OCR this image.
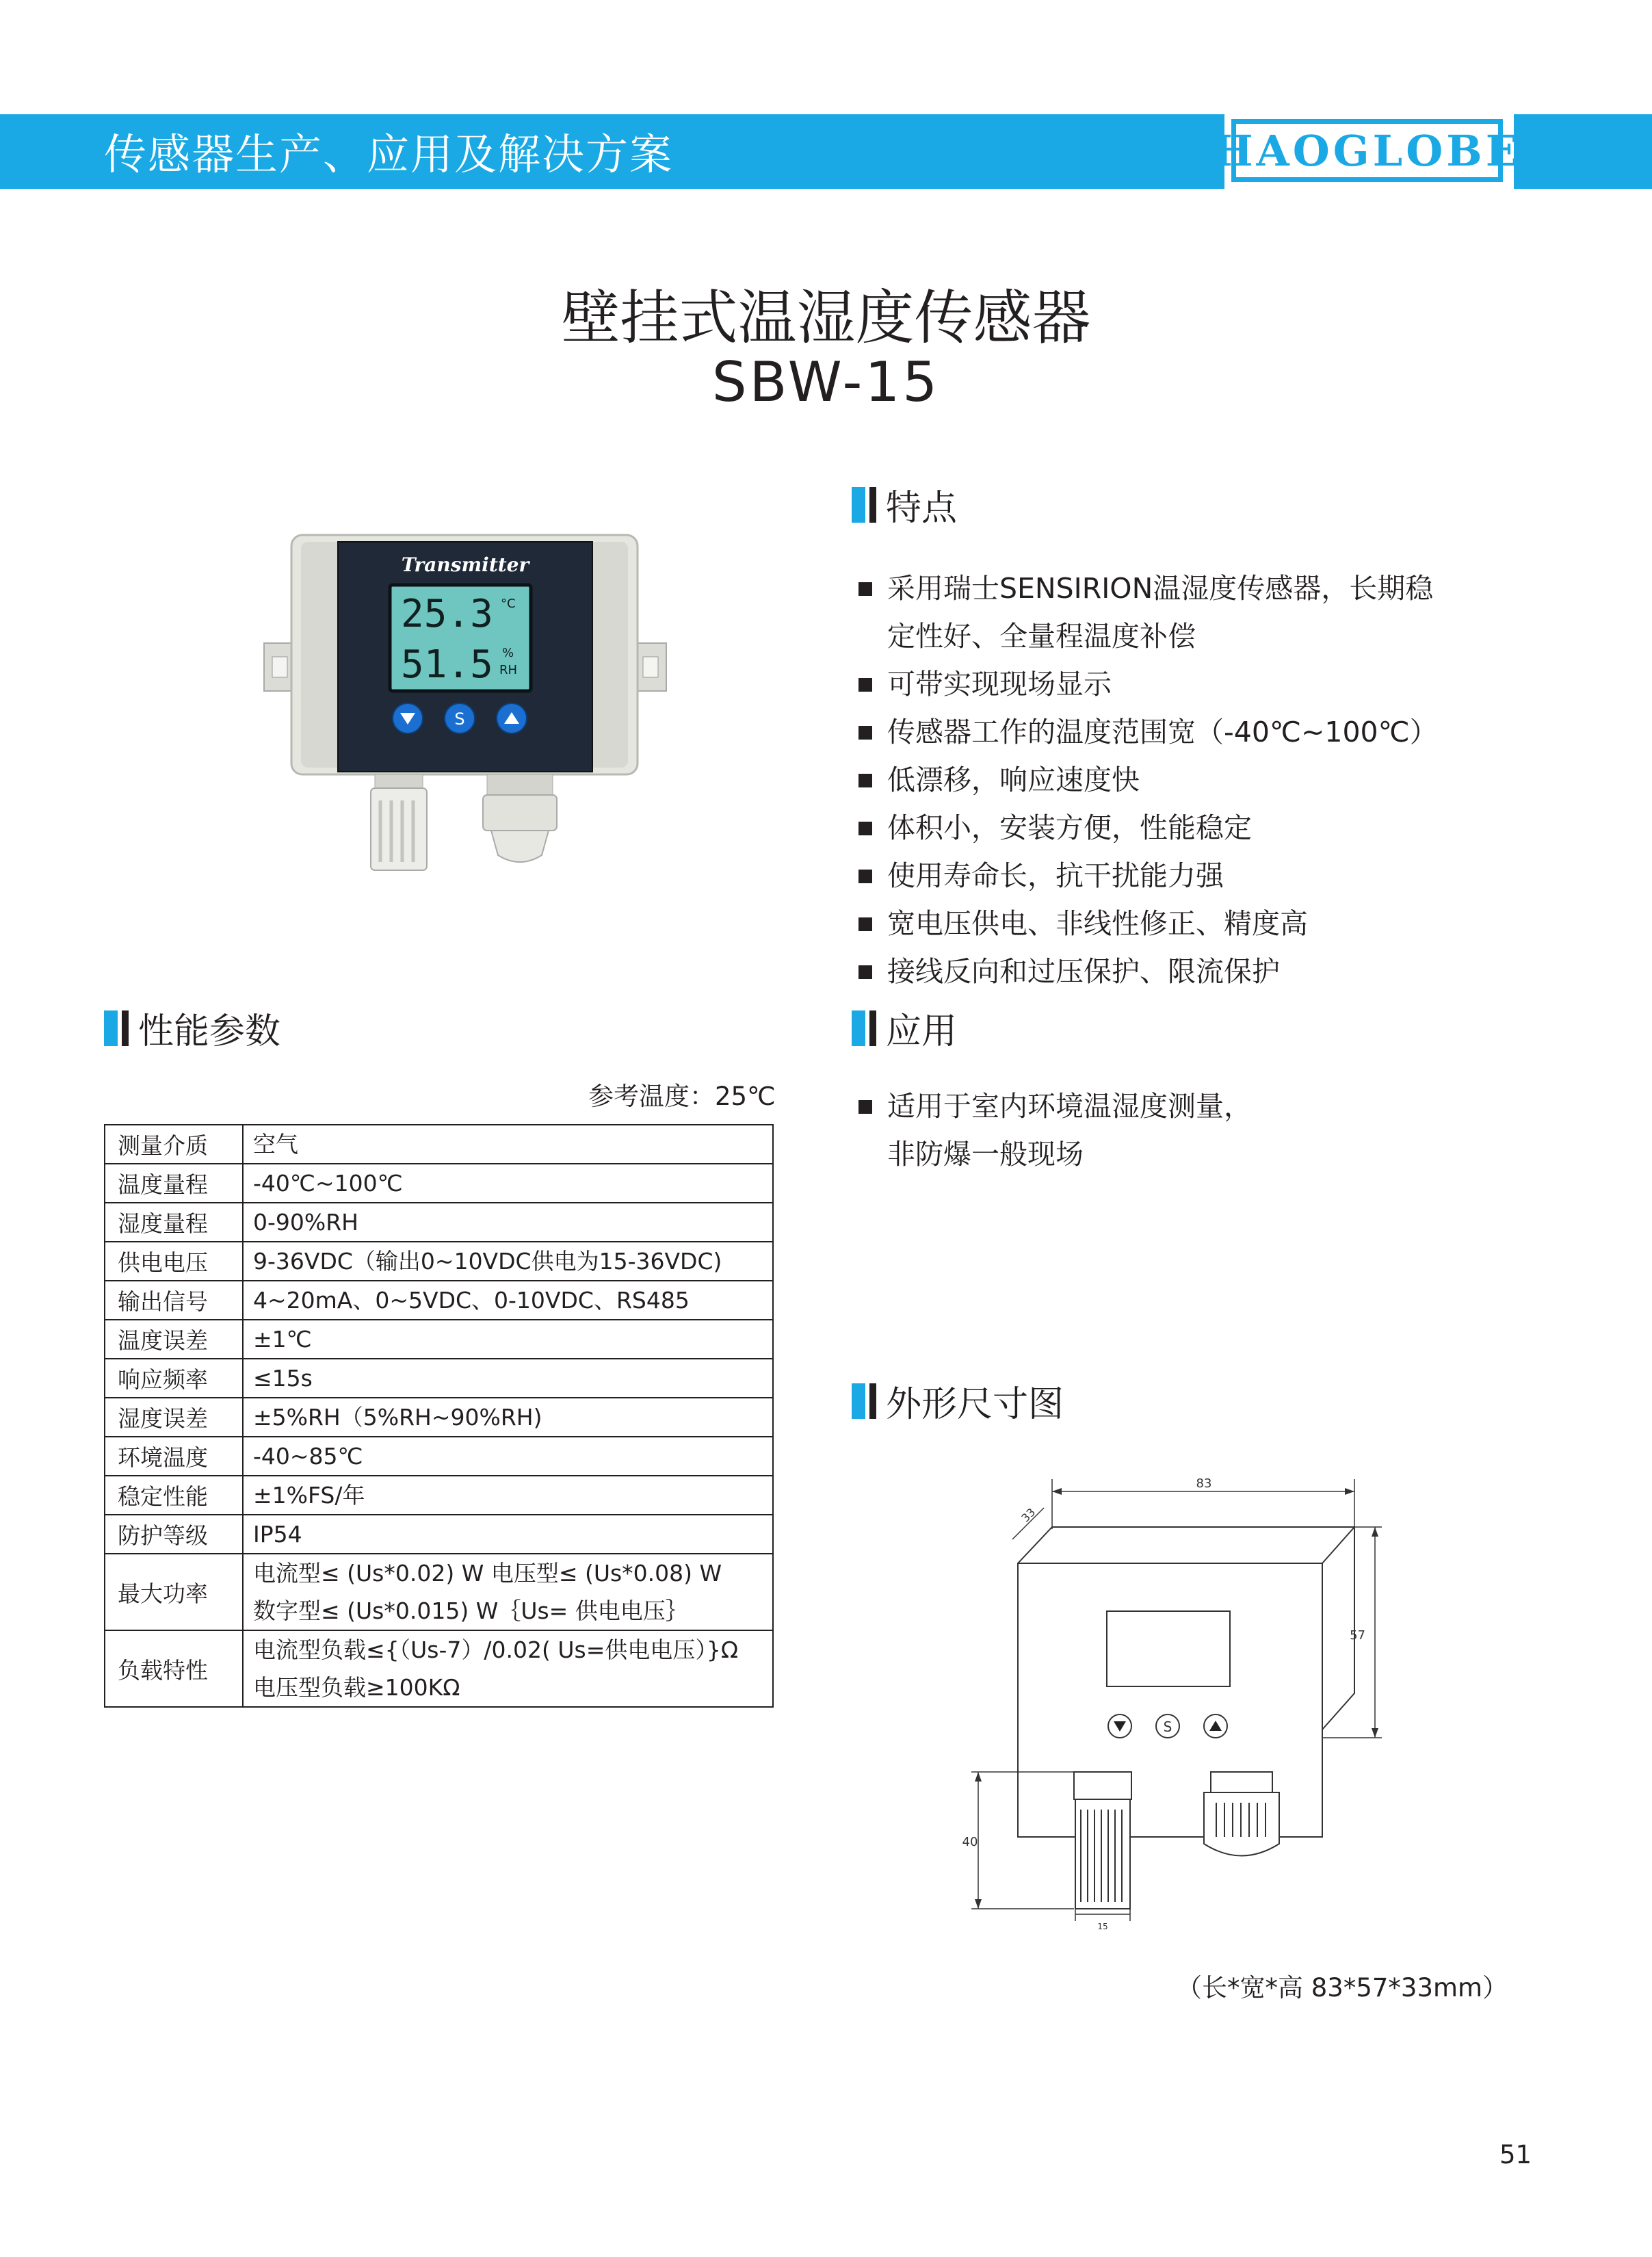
传感器生产、应用及解决方案	HAOGLOBE
壁挂式温湿度传感器
SBW-15
Transmitter
25.3 °C
51.5 %
RH
S
特点
采用瑞士SENSIRION温湿度传感器，长期稳
定性好、全量程温度补偿
可带实现现场显示
传感器工作的温度范围宽（-40℃~100℃）
低漂移，响应速度快
体积小，安装方便，性能稳定
使用寿命长，抗干扰能力强
宽电压供电、非线性修正、精度高
接线反向和过压保护、限流保护
应用
适用于室内环境温湿度测量，
非防爆一般现场
性能参数
参考温度：25℃
测量介质	空气
温度量程	-40℃~100℃
湿度量程	0-90%RH
供电电压	9-36VDC（输出0~10VDC供电为15-36VDC)
输出信号	4~20mA、0~5VDC、0-10VDC、RS485
温度误差	±1℃
响应频率	≤15s
湿度误差	±5%RH（5%RH~90%RH)
环境温度	-40~85℃
稳定性能	±1%FS/年
防护等级	IP54
最大功率	电流型≤ (Us*0.02) W 电压型≤ (Us*0.08) W
数字型≤ (Us*0.015) W｛Us= 供电电压｝

负载特性	电流型负载≤{（Us-7）/0.02( Us=供电电压）}Ω
电压型负载≥100KΩ
外形尺寸图
S
83
33
57
40
15
（长*宽*高 83*57*33mm）
51
